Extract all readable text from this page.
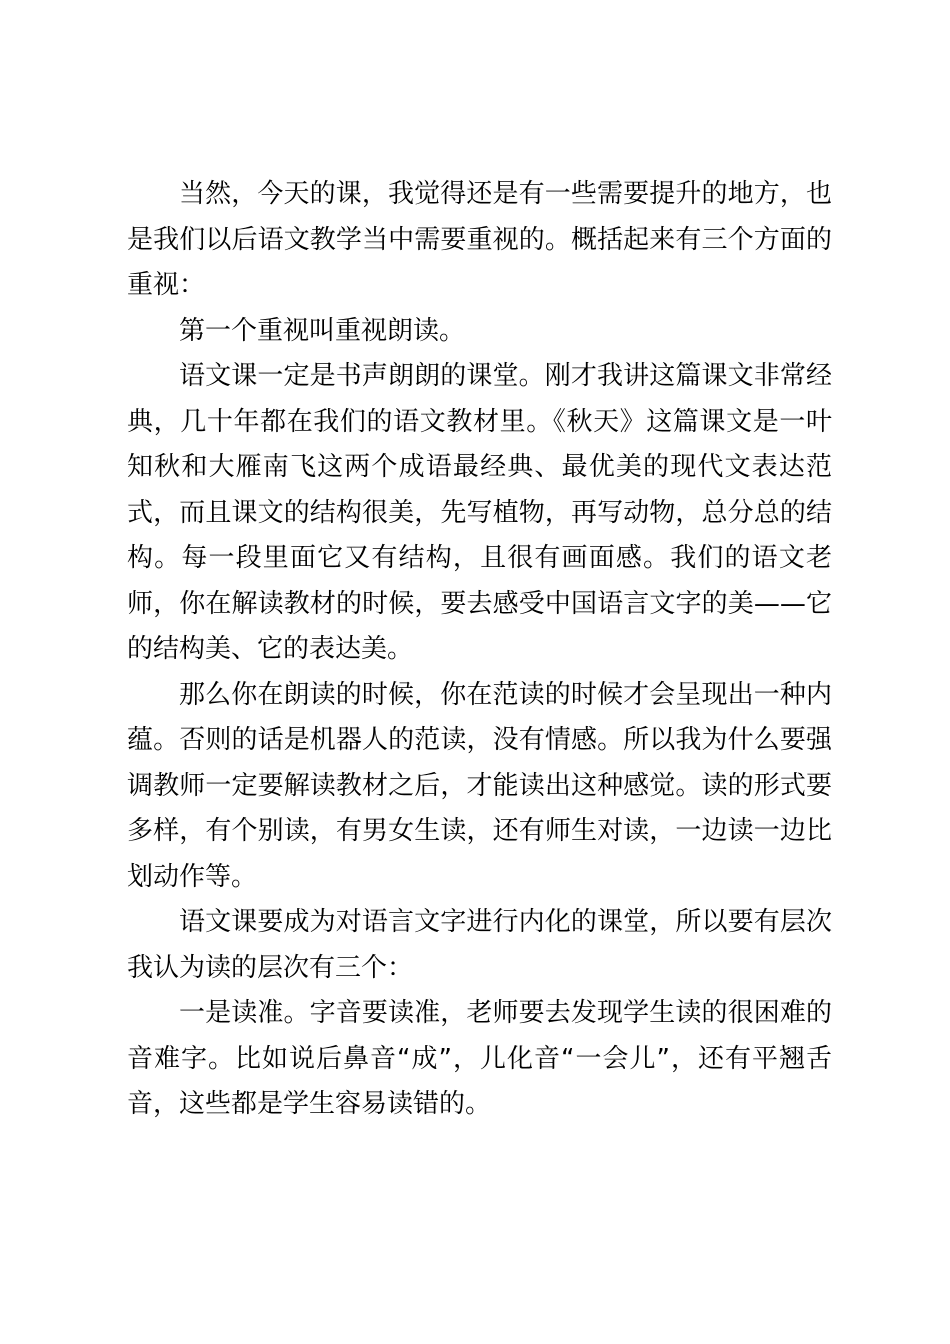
当然，今天的课，我觉得还是有一些需要提升的地方，也是我们以后语文教学当中需要重视的。概括起来有三个方面的重视：

第一个重视叫重视朗读。

语文课一定是书声朗朗的课堂。刚才我讲这篇课文非常经典，几十年都在我们的语文教材里。《秋天》这篇课文是一叶知秋和大雁南飞这两个成语最经典、最优美的现代文表达范式，而且课文的结构很美，先写植物，再写动物，总分总的结构。每一段里面它又有结构，且很有画面感。我们的语文老师，你在解读教材的时候，要去感受中国语言文字的美——它的结构美、它的表达美。

那么你在朗读的时候，你在范读的时候才会呈现出一种内蕴。否则的话是机器人的范读，没有情感。所以我为什么要强调教师一定要解读教材之后，才能读出这种感觉。读的形式要多样，有个别读，有男女生读，还有师生对读，一边读一边比划动作等。

语文课要成为对语言文字进行内化的课堂，所以要有层次我认为读的层次有三个：

一是读准。字音要读准，老师要去发现学生读的很困难的音难字。比如说后鼻音“成”，儿化音“一会儿”，还有平翘舌音，这些都是学生容易读错的。
